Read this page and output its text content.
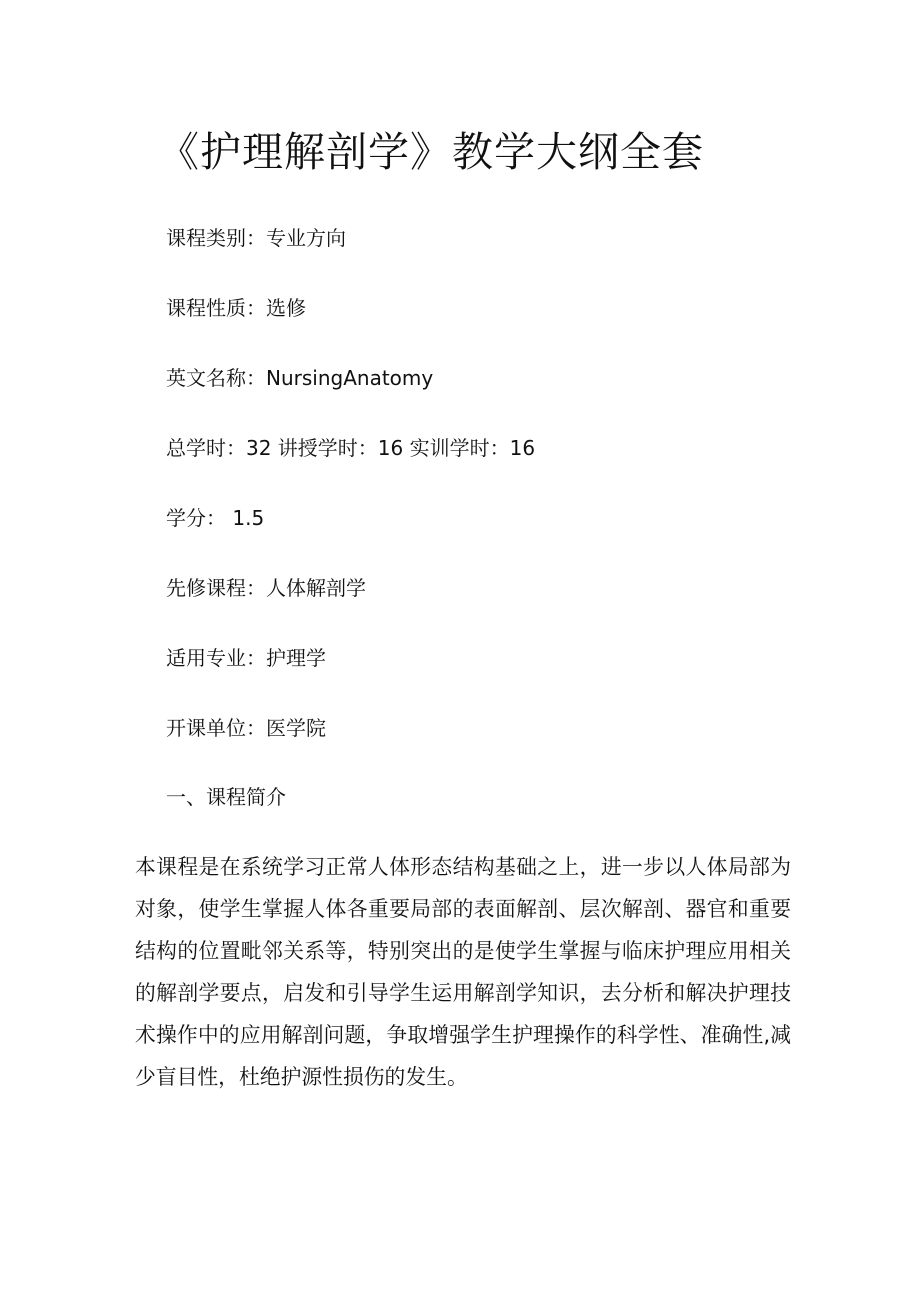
《护理解剖学》教学大纲全套
课程类别：专业方向
课程性质：选修
英文名称：NursingAnatomy
总学时：32 讲授学时：16 实训学时：16
学分： 1.5
先修课程：人体解剖学
适用专业：护理学
开课单位：医学院
一、课程简介

本课程是在系统学习正常人体形态结构基础之上，进一步以人体局部为对象，使学生掌握人体各重要局部的表面解剖、层次解剖、器官和重要结构的位置毗邻关系等，特别突出的是使学生掌握与临床护理应用相关的解剖学要点，启发和引导学生运用解剖学知识，去分析和解决护理技术操作中的应用解剖问题，争取增强学生护理操作的科学性、准确性,减少盲目性，杜绝护源性损伤的发生。
